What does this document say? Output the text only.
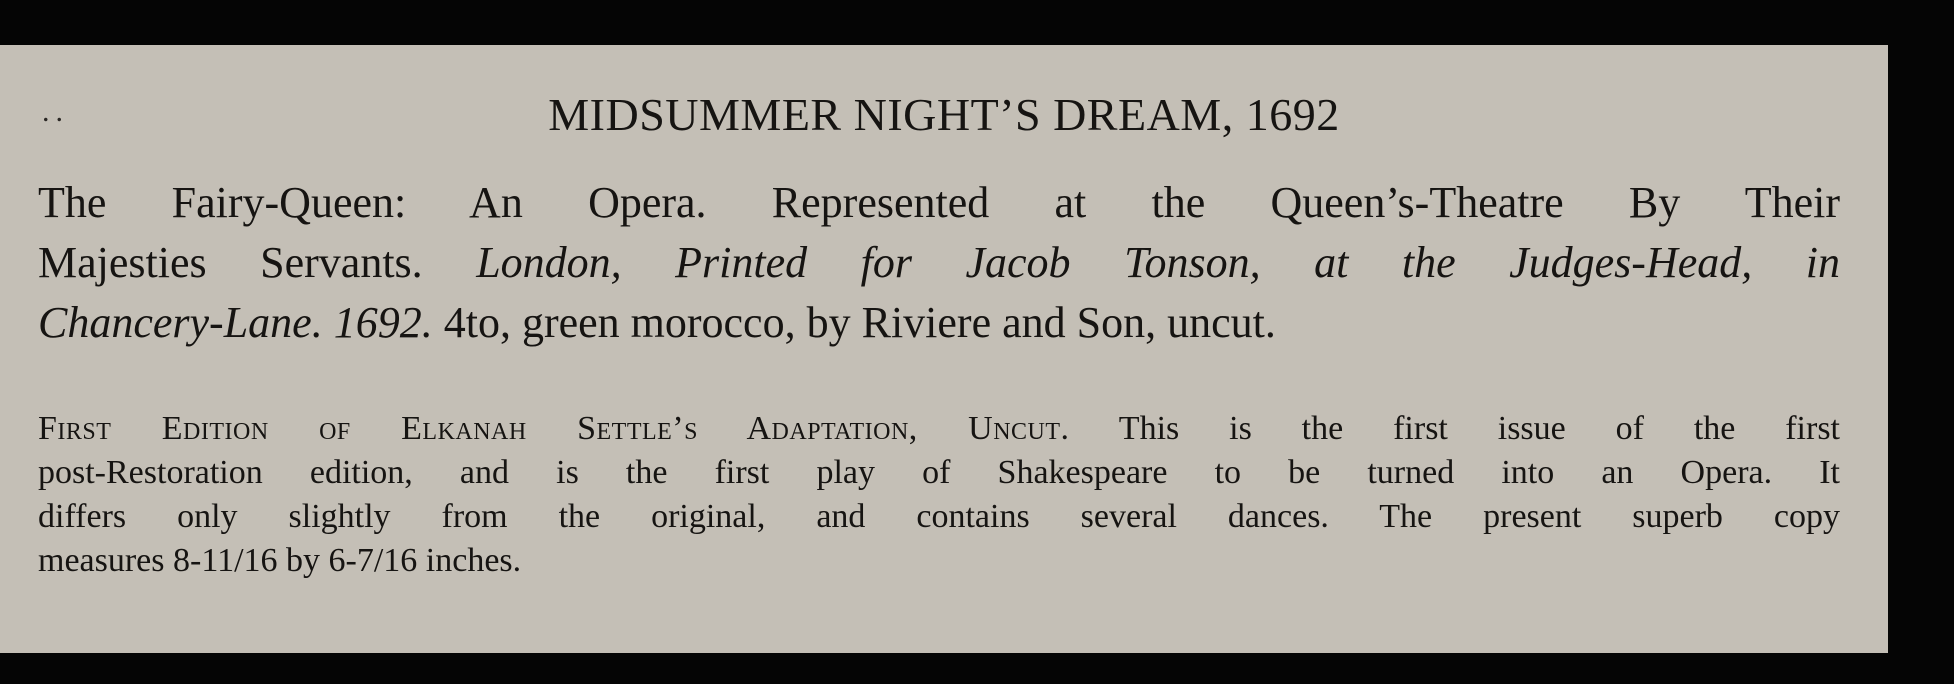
..	MIDSUMMER NIGHT’S DREAM, 1692
The Fairy-Queen: An Opera. Represented at the Queen’s-Theatre By Their
Majesties Servants. London, Printed for Jacob Tonson, at the Judges-Head, in
Chancery-Lane. 1692. 4to, green morocco, by Riviere and Son, uncut.
First Edition of Elkanah Settle’s Adaptation, Uncut. This is the first issue of the first
post-Restoration edition, and is the first play of Shakespeare to be turned into an Opera. It
differs only slightly from the original, and contains several dances. The present superb copy
measures 8-11/16 by 6-7/16 inches.
